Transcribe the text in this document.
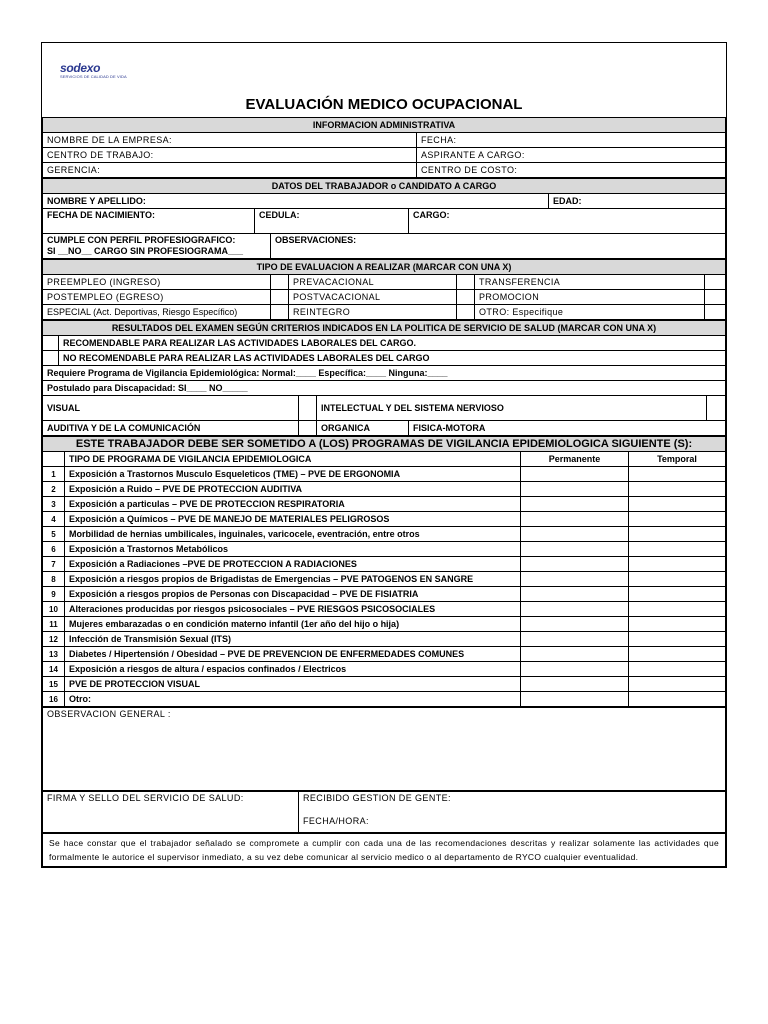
sodexo
SERVICIOS DE CALIDAD DE VIDA
EVALUACIÓN MEDICO OCUPACIONAL
INFORMACION ADMINISTRATIVA	
NOMBRE DE LA EMPRESA:	FECHA:
CENTRO DE TRABAJO:	ASPIRANTE A CARGO:
GERENCIA:	CENTRO DE COSTO:
DATOS DEL TRABAJADOR o CANDIDATO A CARGO				
NOMBRE Y APELLIDO:				EDAD:
FECHA DE NACIMIENTO:	CEDULA:		CARGO:	

CUMPLE CON PERFIL PROFESIOGRAFICO:
SI __NO__ CARGO SIN PROFESIOGRAMA___		OBSERVACIONES:		
TIPO DE EVALUACION A REALIZAR (MARCAR CON UNA X)					
PREEMPLEO (INGRESO)		PREVACACIONAL		TRANSFERENCIA	
POSTEMPLEO (EGRESO)		POSTVACACIONAL		PROMOCION	
ESPECIAL (Act. Deportivas, Riesgo Específico)		REINTEGRO		OTRO: Especifique	
RESULTADOS DEL EXAMEN SEGÚN CRITERIOS INDICADOS EN LA POLITICA DE SERVICIO DE SALUD (MARCAR CON UNA X)					
	RECOMENDABLE PARA REALIZAR LAS ACTIVIDADES LABORALES DEL CARGO.				
	NO RECOMENDABLE PARA REALIZAR LAS ACTIVIDADES LABORALES DEL CARGO				
Requiere Programa de Vigilancia Epidemiológica: Normal:____ Específica:____ Ninguna:____					
Postulado para Discapacidad: SI____ NO_____					
VISUAL			INTELECTUAL Y DEL SISTEMA NERVIOSO		
AUDITIVA Y DE LA COMUNICACIÓN			ORGANICA	FISICA-MOTORA	
ESTE TRABAJADOR DEBE SER SOMETIDO A (LOS) PROGRAMAS DE VIGILANCIA EPIDEMIOLOGICA SIGUIENTE (S):			
	TIPO DE PROGRAMA DE VIGILANCIA EPIDEMIOLOGICA	Permanente	Temporal
1	Exposición a Trastornos Musculo Esqueleticos (TME) – PVE DE ERGONOMIA		
2	Exposición a Ruido – PVE DE PROTECCION AUDITIVA		
3	Exposición a particulas – PVE DE PROTECCION RESPIRATORIA		
4	Exposición a Químicos – PVE DE MANEJO DE MATERIALES PELIGROSOS		
5	Morbilidad de hernias umbilicales, inguinales, varicocele, eventración, entre otros		
6	Exposición a Trastornos Metabólicos		
7	Exposición a Radiaciones –PVE DE PROTECCION A RADIACIONES		
8	Exposición a riesgos propios de Brigadistas de Emergencias – PVE PATOGENOS EN SANGRE		
9	Exposición a riesgos propios de Personas con Discapacidad – PVE DE FISIATRIA		
10	Alteraciones producidas por riesgos psicosociales – PVE RIESGOS PSICOSOCIALES		
11	Mujeres embarazadas o en condición materno infantil (1er año del hijo o hija)		
12	Infección de Transmisión Sexual (ITS)		
13	Diabetes / Hipertensión / Obesidad – PVE DE PREVENCION DE ENFERMEDADES COMUNES		
14	Exposición a riesgos de altura / espacios confinados / Electricos		
15	PVE DE PROTECCION VISUAL		
16	Otro:		
OBSERVACION GENERAL :
FIRMA Y SELLO DEL SERVICIO DE SALUD:	RECIBIDO GESTION DE GENTE:
FECHA/HORA:
Se hace constar que el trabajador señalado se compromete a cumplir con cada una de las recomendaciones descritas y realizar solamente las actividades que formalmente le autorice el supervisor inmediato, a su vez debe comunicar al servicio medico o al departamento de RYCO cualquier eventualidad.
